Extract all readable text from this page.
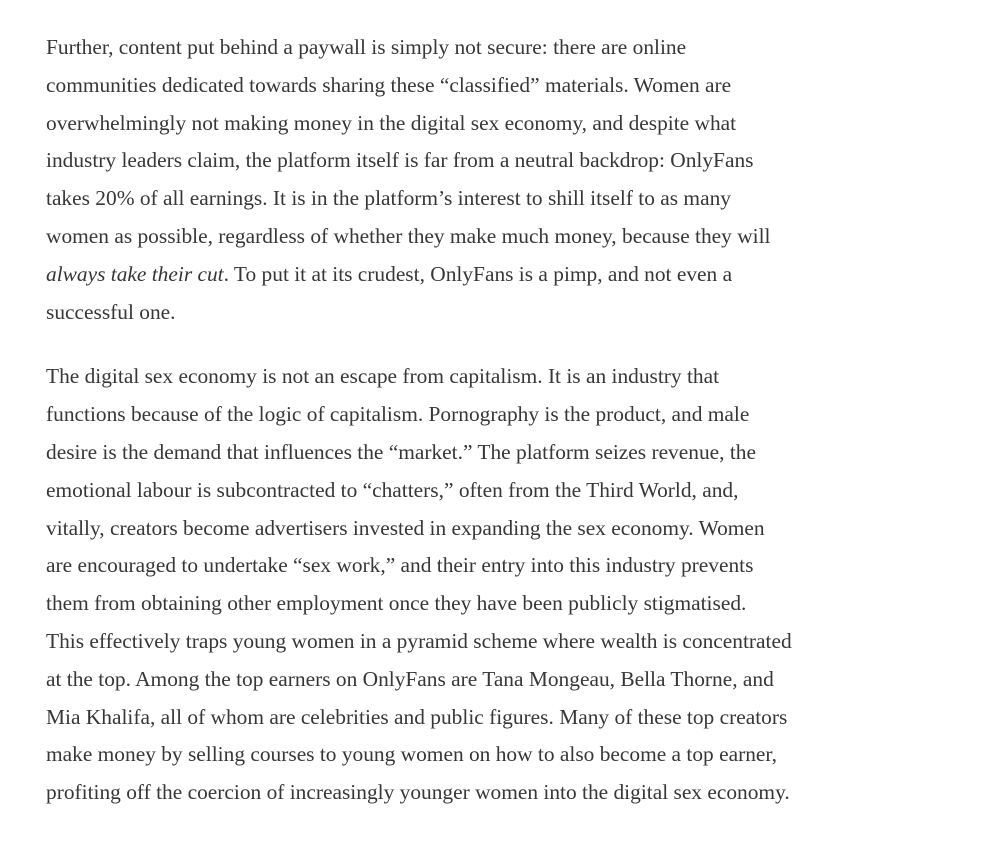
Further, content put behind a paywall is simply not secure: there are online
communities dedicated towards sharing these “classified” materials. Women are
overwhelmingly not making money in the digital sex economy, and despite what
industry leaders claim, the platform itself is far from a neutral backdrop: OnlyFans
takes 20% of all earnings. It is in the platform’s interest to shill itself to as many
women as possible, regardless of whether they make much money, because they will
always take their cut. To put it at its crudest, OnlyFans is a pimp, and not even a
successful one.

The digital sex economy is not an escape from capitalism. It is an industry that
functions because of the logic of capitalism. Pornography is the product, and male
desire is the demand that influences the “market.” The platform seizes revenue, the
emotional labour is subcontracted to “chatters,” often from the Third World, and,
vitally, creators become advertisers invested in expanding the sex economy. Women
are encouraged to undertake “sex work,” and their entry into this industry prevents
them from obtaining other employment once they have been publicly stigmatised.
This effectively traps young women in a pyramid scheme where wealth is concentrated
at the top. Among the top earners on OnlyFans are Tana Mongeau, Bella Thorne, and
Mia Khalifa, all of whom are celebrities and public figures. Many of these top creators
make money by selling courses to young women on how to also become a top earner,
profiting off the coercion of increasingly younger women into the digital sex economy.
